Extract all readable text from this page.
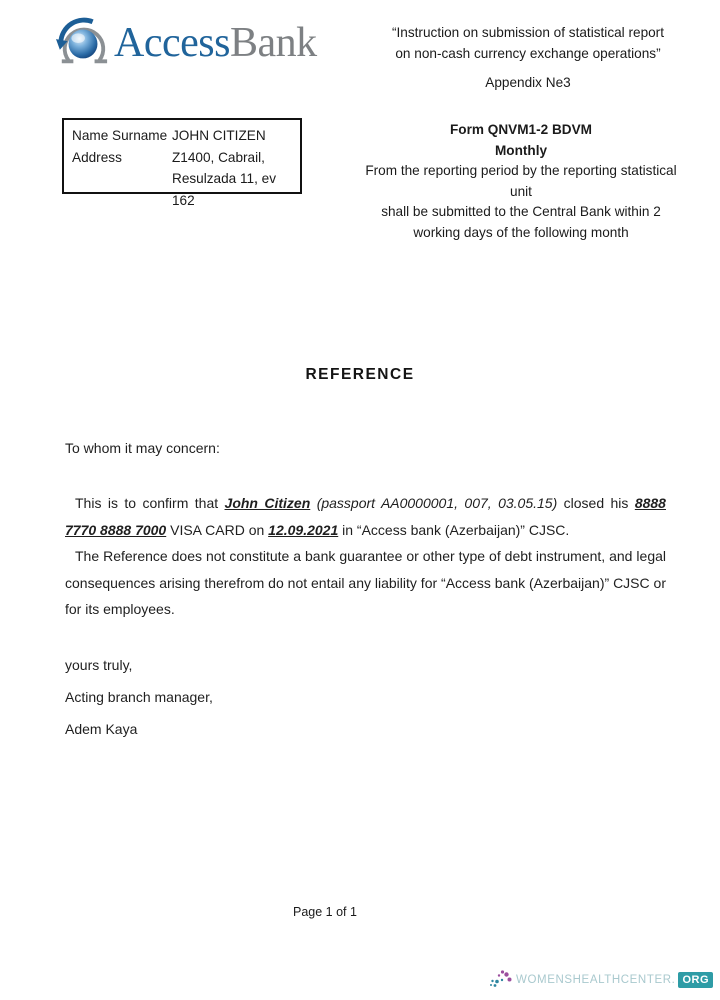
AccessBank	“Instruction on submission of statistical report
on non-cash currency exchange operations”
Appendix Ne3
Name Surname JOHN CITIZEN
Address	Z1400, Cabrail,
Resulzada 11, ev 162
Form QNVM1-2 BDVM
Monthly
From the reporting period by the reporting statistical unit
shall be submitted to the Central Bank within 2 working days of the following month
REFERENCE
To whom it may concern:

This is to confirm that John Citizen (passport AA0000001, 007, 03.05.15) closed his 8888 7770 8888 7000 VISA CARD on 12.09.2021 in “Access bank (Azerbaijan)” CJSC.

The Reference does not constitute a bank guarantee or other type of debt instrument, and legal consequences arising therefrom do not entail any liability for “Access bank (Azerbaijan)” CJSC or for its employees.

yours truly,
Acting branch manager,
Adem Kaya
Page 1 of 1
WOMENSHEALTHCENTER. ORG
